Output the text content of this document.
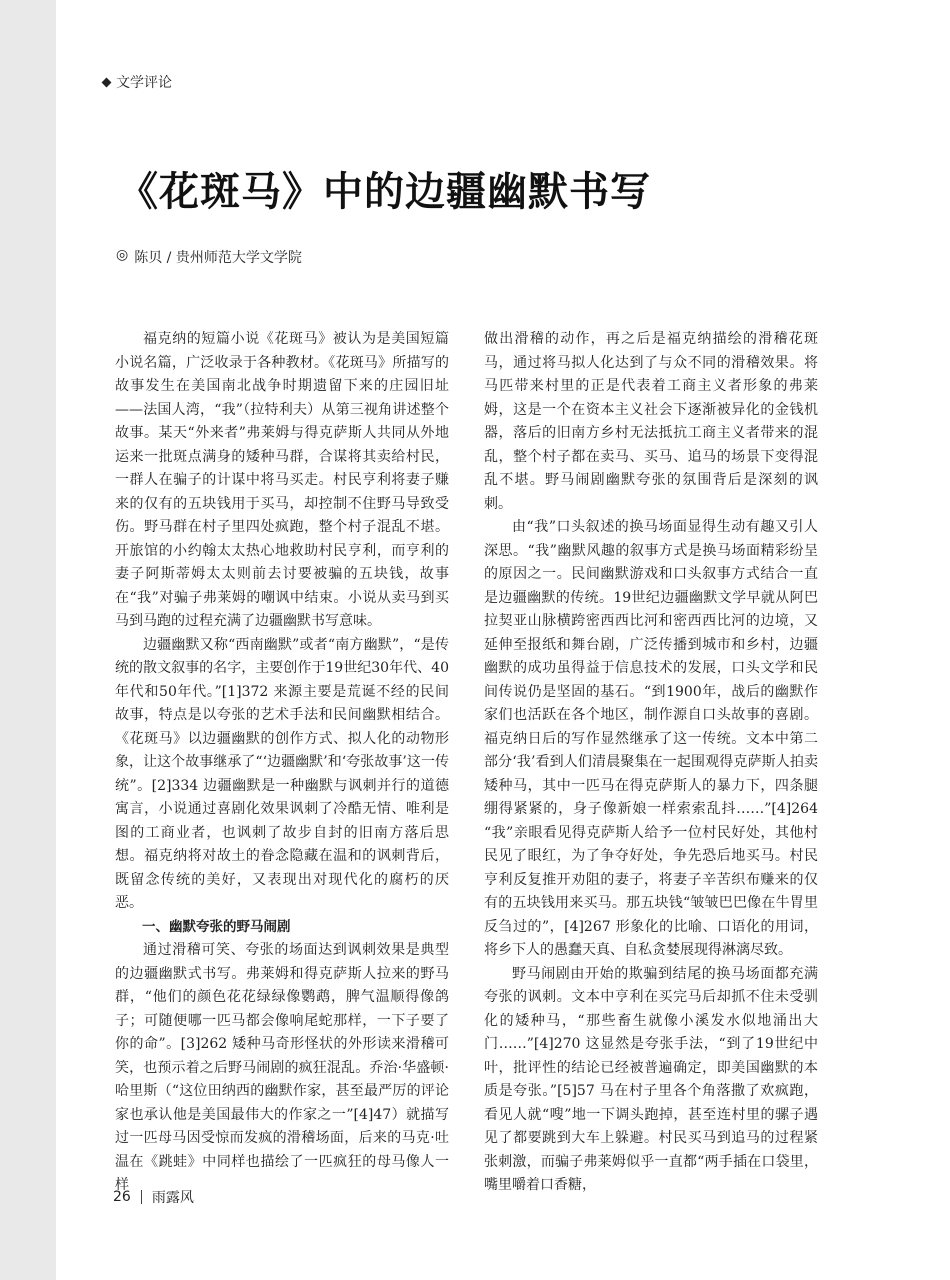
文学评论
《花斑马》中的边疆幽默书写
◎ 陈贝 / 贵州师范大学文学院

福克纳的短篇小说《花斑马》被认为是美国短篇小说名篇，广泛收录于各种教材。《花斑马》所描写的故事发生在美国南北战争时期遗留下来的庄园旧址——法国人湾，“我”（拉特利夫）从第三视角讲述整个故事。某天“外来者”弗莱姆与得克萨斯人共同从外地运来一批斑点满身的矮种马群，合谋将其卖给村民，一群人在骗子的计谋中将马买走。村民亨利将妻子赚来的仅有的五块钱用于买马，却控制不住野马导致受伤。野马群在村子里四处疯跑，整个村子混乱不堪。开旅馆的小约翰太太热心地救助村民亨利，而亨利的妻子阿斯蒂姆太太则前去讨要被骗的五块钱，故事在“我”对骗子弗莱姆的嘲讽中结束。小说从卖马到买马到马跑的过程充满了边疆幽默书写意味。

边疆幽默又称“西南幽默”或者“南方幽默”，“是传统的散文叙事的名字，主要创作于19世纪30年代、40年代和50年代。”[1]372 来源主要是荒诞不经的民间故事，特点是以夸张的艺术手法和民间幽默相结合。《花斑马》以边疆幽默的创作方式、拟人化的动物形象，让这个故事继承了“‘边疆幽默’和‘夸张故事’这一传统”。[2]334 边疆幽默是一种幽默与讽刺并行的道德寓言，小说通过喜剧化效果讽刺了冷酷无情、唯利是图的工商业者，也讽刺了故步自封的旧南方落后思想。福克纳将对故土的眷念隐藏在温和的讽刺背后，既留念传统的美好，又表现出对现代化的腐朽的厌恶。

一、幽默夸张的野马闹剧

通过滑稽可笑、夸张的场面达到讽刺效果是典型的边疆幽默式书写。弗莱姆和得克萨斯人拉来的野马群，“他们的颜色花花绿绿像鹦鹉，脾气温顺得像鸽子；可随便哪一匹马都会像响尾蛇那样，一下子要了你的命”。[3]262 矮种马奇形怪状的外形读来滑稽可笑，也预示着之后野马闹剧的疯狂混乱。乔治·华盛顿·哈里斯（“这位田纳西的幽默作家，甚至最严厉的评论家也承认他是美国最伟大的作家之一”[4]47）就描写过一匹母马因受惊而发疯的滑稽场面，后来的马克·吐温在《跳蛙》中同样也描绘了一匹疯狂的母马像人一样

做出滑稽的动作，再之后是福克纳描绘的滑稽花斑马，通过将马拟人化达到了与众不同的滑稽效果。将马匹带来村里的正是代表着工商主义者形象的弗莱姆，这是一个在资本主义社会下逐渐被异化的金钱机器，落后的旧南方乡村无法抵抗工商主义者带来的混乱，整个村子都在卖马、买马、追马的场景下变得混乱不堪。野马闹剧幽默夸张的氛围背后是深刻的讽刺。

由“我”口头叙述的换马场面显得生动有趣又引人深思。“我”幽默风趣的叙事方式是换马场面精彩纷呈的原因之一。民间幽默游戏和口头叙事方式结合一直是边疆幽默的传统。19世纪边疆幽默文学早就从阿巴拉契亚山脉横跨密西西比河和密西西比河的边境，又延伸至报纸和舞台剧，广泛传播到城市和乡村，边疆幽默的成功虽得益于信息技术的发展，口头文学和民间传说仍是坚固的基石。“到1900年，战后的幽默作家们也活跃在各个地区，制作源自口头故事的喜剧。福克纳日后的写作显然继承了这一传统。文本中第二部分‘我’看到人们清晨聚集在一起围观得克萨斯人拍卖矮种马，其中一匹马在得克萨斯人的暴力下，四条腿绷得紧紧的，身子像新娘一样索索乱抖……”[4]264 “我”亲眼看见得克萨斯人给予一位村民好处，其他村民见了眼红，为了争夺好处，争先恐后地买马。村民亨利反复推开劝阻的妻子，将妻子辛苦织布赚来的仅有的五块钱用来买马。那五块钱“皱皱巴巴像在牛胃里反刍过的”，[4]267 形象化的比喻、口语化的用词，将乡下人的愚蠢天真、自私贪婪展现得淋漓尽致。

野马闹剧由开始的欺骗到结尾的换马场面都充满夸张的讽刺。文本中亨利在买完马后却抓不住未受驯化的矮种马，“那些畜生就像小溪发水似地涌出大门……”[4]270 这显然是夸张手法，“到了19世纪中叶，批评性的结论已经被普遍确定，即美国幽默的本质是夸张。”[5]57 马在村子里各个角落撒了欢疯跑，看见人就“嗖”地一下调头跑掉，甚至连村里的骡子遇见了都要跳到大车上躲避。村民买马到追马的过程紧张刺激，而骗子弗莱姆似乎一直都“两手插在口袋里，嘴里嚼着口香糖，

26 雨露风
